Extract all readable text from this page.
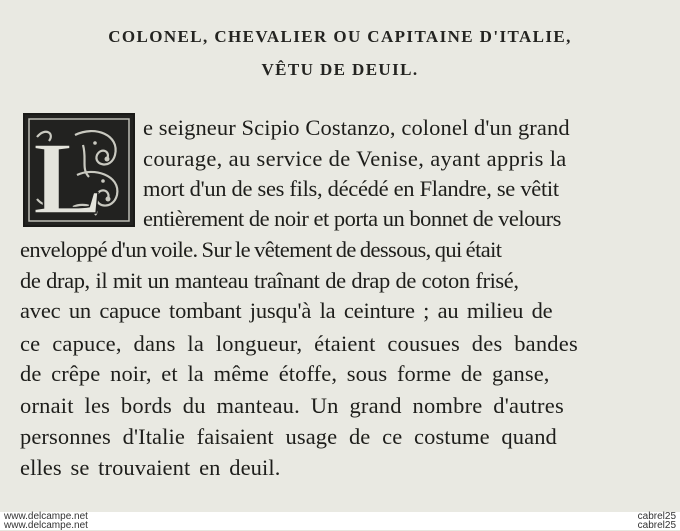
COLONEL, CHEVALIER OU CAPITAINE D'ITALIE,
VÊTU DE DEUIL.
L e seigneur Scipio Costanzo, colonel d'un grand
courage, au service de Venise, ayant appris la
mort d'un de ses fils, décédé en Flandre, se vêtit
entièrement de noir et porta un bonnet de velours
enveloppé d'un voile. Sur le vêtement de dessous, qui était
de drap, il mit un manteau traînant de drap de coton frisé,
avec un capuce tombant jusqu'à la ceinture ; au milieu de
ce capuce, dans la longueur, étaient cousues des bandes
de crêpe noir, et la même étoffe, sous forme de ganse,
ornait les bords du manteau. Un grand nombre d'autres
personnes d'Italie faisaient usage de ce costume quand
elles se trouvaient en deuil.
www.delcampe.net
www.delcampe.net
cabrel25
cabrel25
